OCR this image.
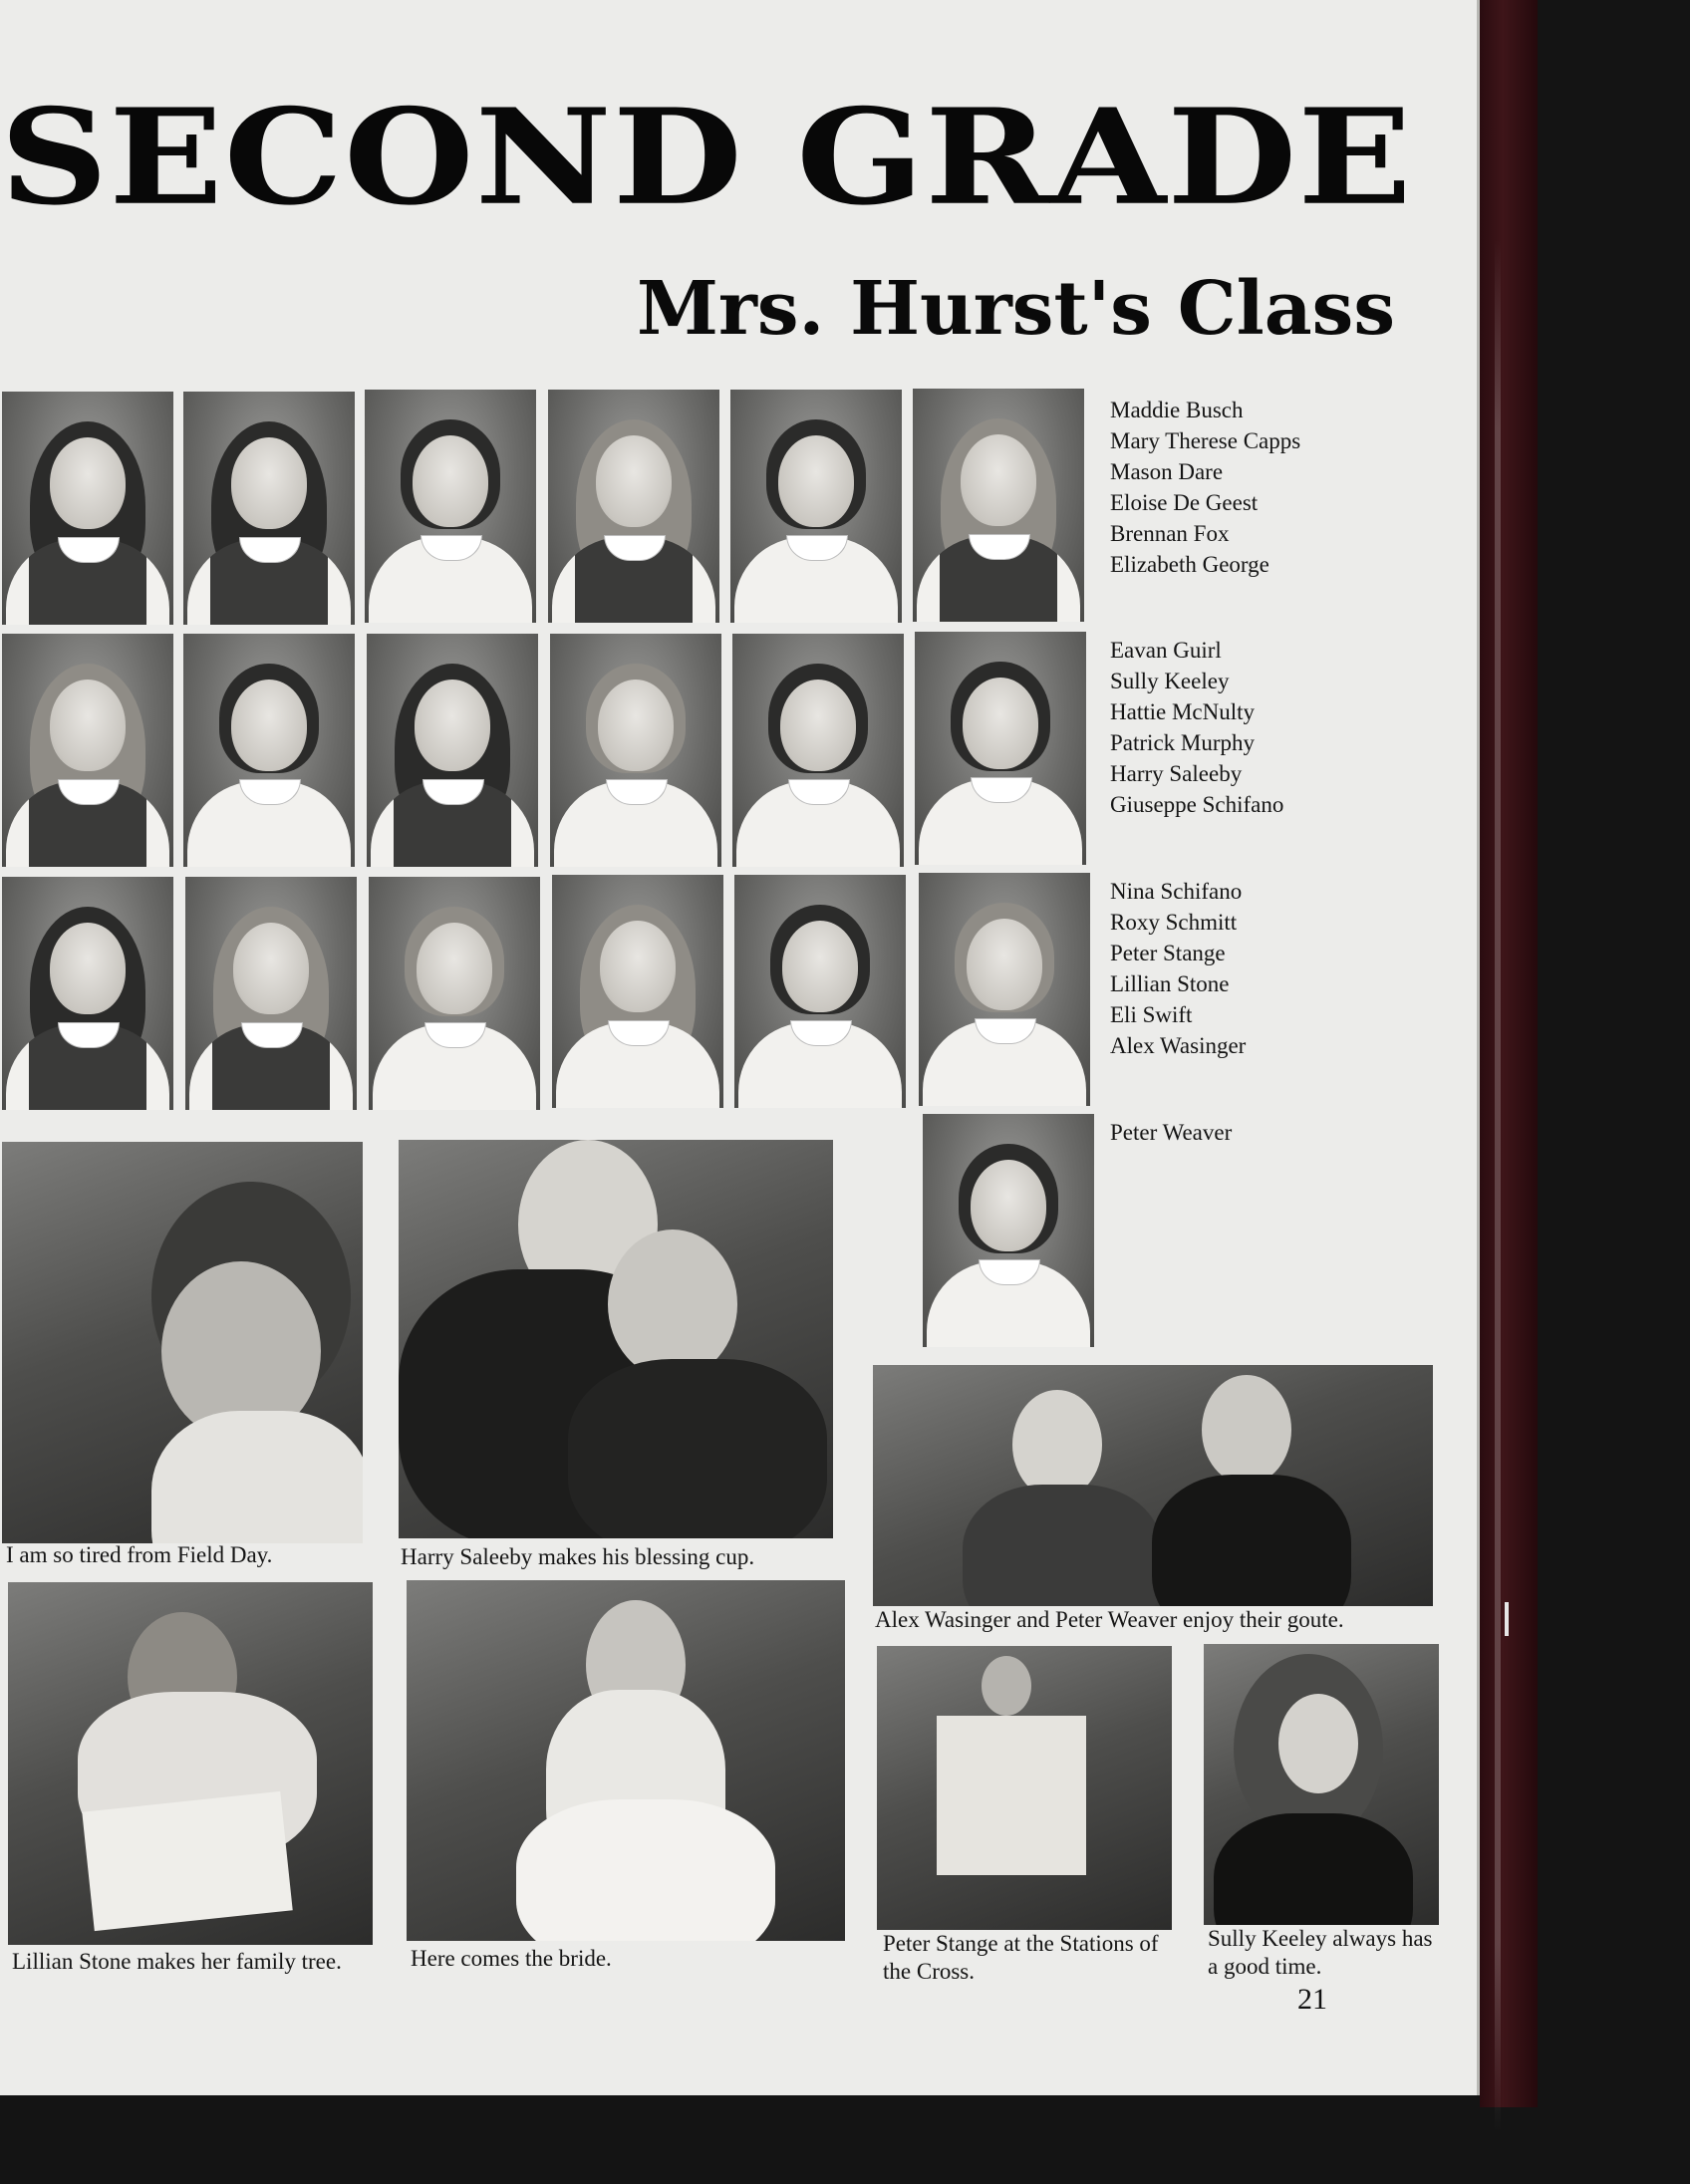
SECOND GRADE
Mrs. Hurst's Class
Maddie Busch
Mary Therese Capps
Mason Dare
Eloise De Geest
Brennan Fox
Elizabeth George
Eavan Guirl
Sully Keeley
Hattie McNulty
Patrick Murphy
Harry Saleeby
Giuseppe Schifano
Nina Schifano
Roxy Schmitt
Peter Stange
Lillian Stone
Eli Swift
Alex Wasinger
Peter Weaver
I am so tired from Field Day.	Harry Saleeby makes his blessing cup.
Alex Wasinger and Peter Weaver enjoy their goute.
Lillian Stone makes her family tree.	Here comes the bride.
Peter Stange at the Stations of the Cross.
Sully Keeley always has a good time.
21
